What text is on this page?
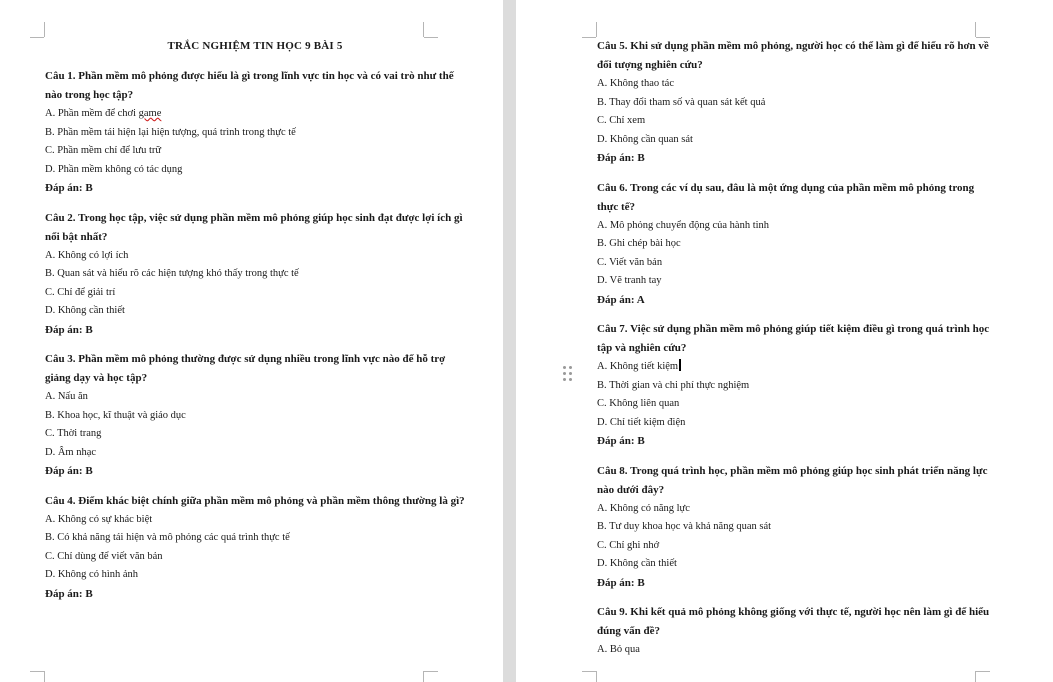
TRẮC NGHIỆM TIN HỌC 9 BÀI 5
Câu 1. Phần mềm mô phỏng được hiểu là gì trong lĩnh vực tin học và có vai trò như thế nào trong học tập?
A. Phần mềm để chơi game
B. Phần mềm tái hiện lại hiện tượng, quá trình trong thực tế
C. Phần mềm chỉ để lưu trữ
D. Phần mềm không có tác dụng
Đáp án: B
Câu 2. Trong học tập, việc sử dụng phần mềm mô phỏng giúp học sinh đạt được lợi ích gì nổi bật nhất?
A. Không có lợi ích
B. Quan sát và hiểu rõ các hiện tượng khó thấy trong thực tế
C. Chỉ để giải trí
D. Không cần thiết
Đáp án: B
Câu 3. Phần mềm mô phỏng thường được sử dụng nhiều trong lĩnh vực nào để hỗ trợ giảng dạy và học tập?
A. Nấu ăn
B. Khoa học, kĩ thuật và giáo dục
C. Thời trang
D. Âm nhạc
Đáp án: B
Câu 4. Điểm khác biệt chính giữa phần mềm mô phỏng và phần mềm thông thường là gì?
A. Không có sự khác biệt
B. Có khả năng tái hiện và mô phỏng các quá trình thực tế
C. Chỉ dùng để viết văn bản
D. Không có hình ảnh
Đáp án: B
Câu 5. Khi sử dụng phần mềm mô phỏng, người học có thể làm gì để hiểu rõ hơn về đối tượng nghiên cứu?
A. Không thao tác
B. Thay đổi tham số và quan sát kết quả
C. Chỉ xem
D. Không cần quan sát
Đáp án: B
Câu 6. Trong các ví dụ sau, đâu là một ứng dụng của phần mềm mô phỏng trong thực tế?
A. Mô phỏng chuyển động của hành tinh
B. Ghi chép bài học
C. Viết văn bản
D. Vẽ tranh tay
Đáp án: A
Câu 7. Việc sử dụng phần mềm mô phỏng giúp tiết kiệm điều gì trong quá trình học tập và nghiên cứu?
A. Không tiết kiệm
B. Thời gian và chi phí thực nghiệm
C. Không liên quan
D. Chỉ tiết kiệm điện
Đáp án: B
Câu 8. Trong quá trình học, phần mềm mô phỏng giúp học sinh phát triển năng lực nào dưới đây?
A. Không có năng lực
B. Tư duy khoa học và khả năng quan sát
C. Chỉ ghi nhớ
D. Không cần thiết
Đáp án: B
Câu 9. Khi kết quả mô phỏng không giống với thực tế, người học nên làm gì để hiểu đúng vấn đề?
A. Bỏ qua
